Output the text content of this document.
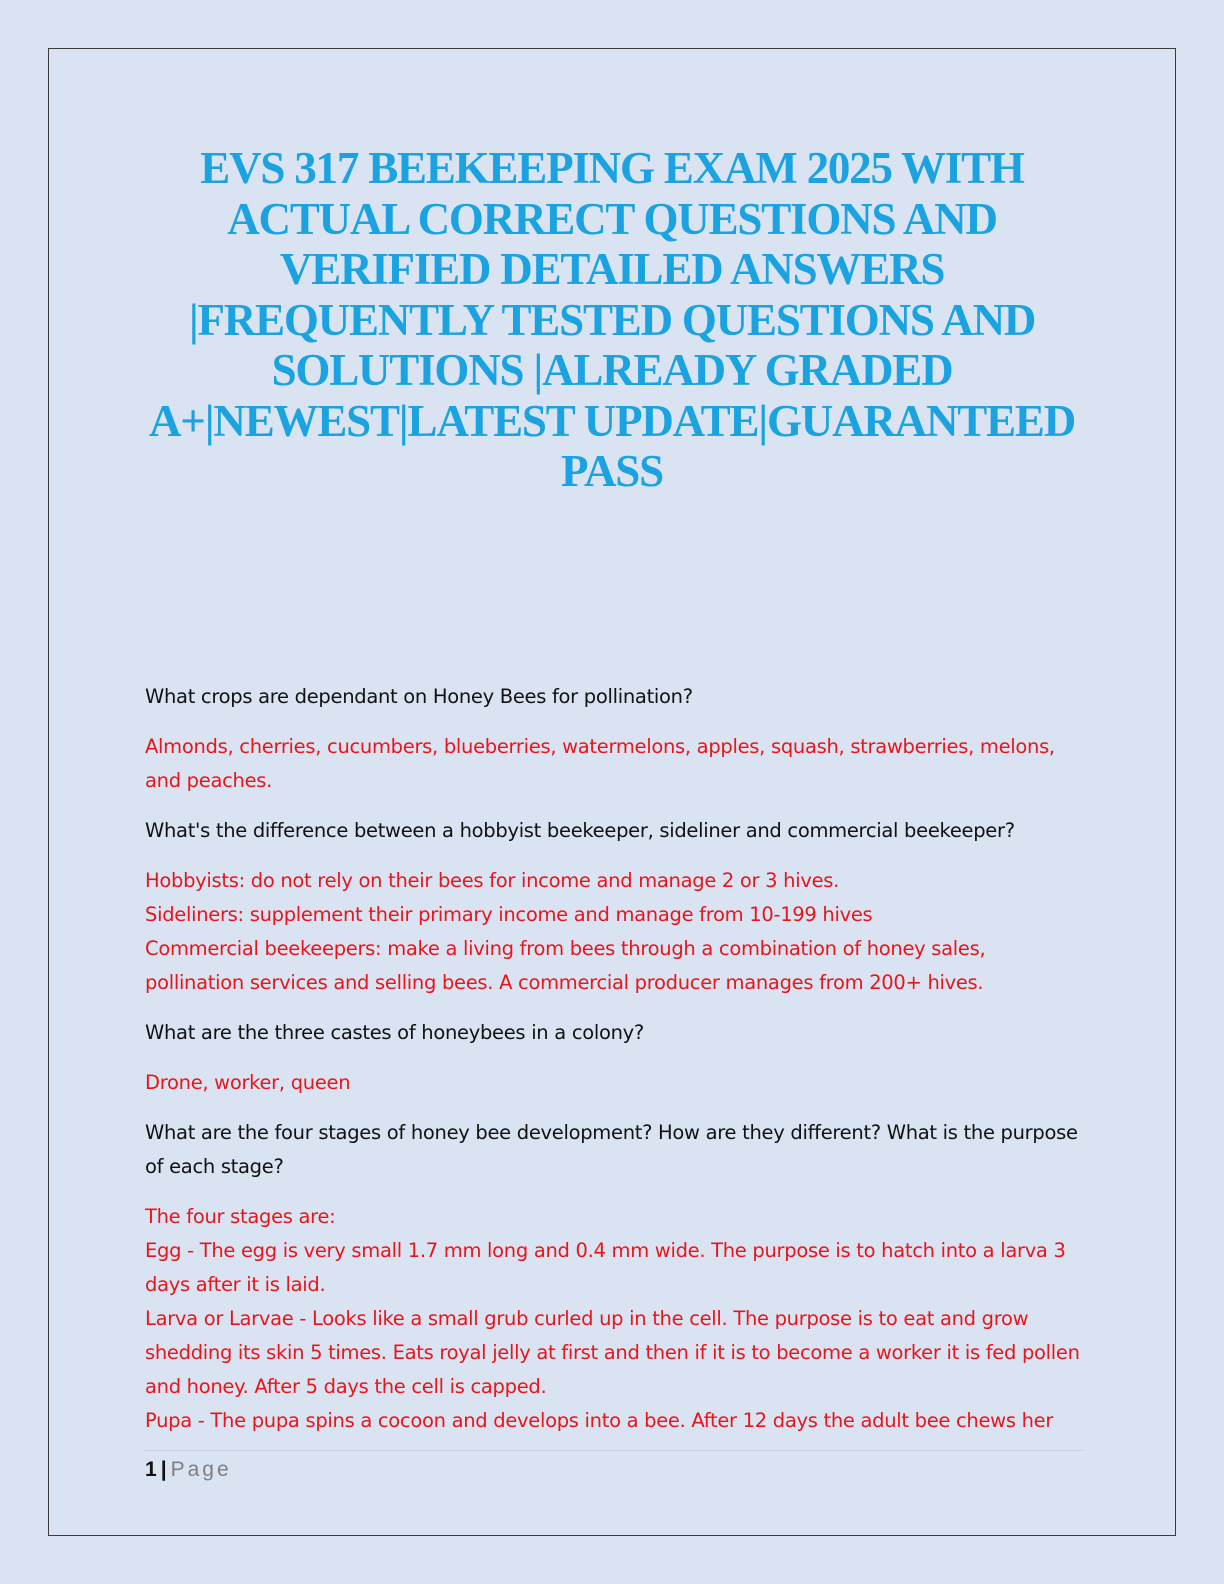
EVS 317 BEEKEEPING EXAM 2025 WITH ACTUAL CORRECT QUESTIONS AND VERIFIED DETAILED ANSWERS |FREQUENTLY TESTED QUESTIONS AND SOLUTIONS |ALREADY GRADED A+|NEWEST|LATEST UPDATE|GUARANTEED PASS

What crops are dependant on Honey Bees for pollination?

Almonds, cherries, cucumbers, blueberries, watermelons, apples, squash, strawberries, melons, and peaches.

What's the difference between a hobbyist beekeeper, sideliner and commercial beekeeper?

Hobbyists: do not rely on their bees for income and manage 2 or 3 hives.
Sideliners: supplement their primary income and manage from 10-199 hives
Commercial beekeepers: make a living from bees through a combination of honey sales, pollination services and selling bees. A commercial producer manages from 200+ hives.

What are the three castes of honeybees in a colony?

Drone, worker, queen

What are the four stages of honey bee development? How are they different? What is the purpose of each stage?

The four stages are:
Egg - The egg is very small 1.7 mm long and 0.4 mm wide. The purpose is to hatch into a larva 3 days after it is laid.
Larva or Larvae - Looks like a small grub curled up in the cell. The purpose is to eat and grow shedding its skin 5 times. Eats royal jelly at first and then if it is to become a worker it is fed pollen and honey. After 5 days the cell is capped.
Pupa - The pupa spins a cocoon and develops into a bee. After 12 days the adult bee chews her

1 | Page
